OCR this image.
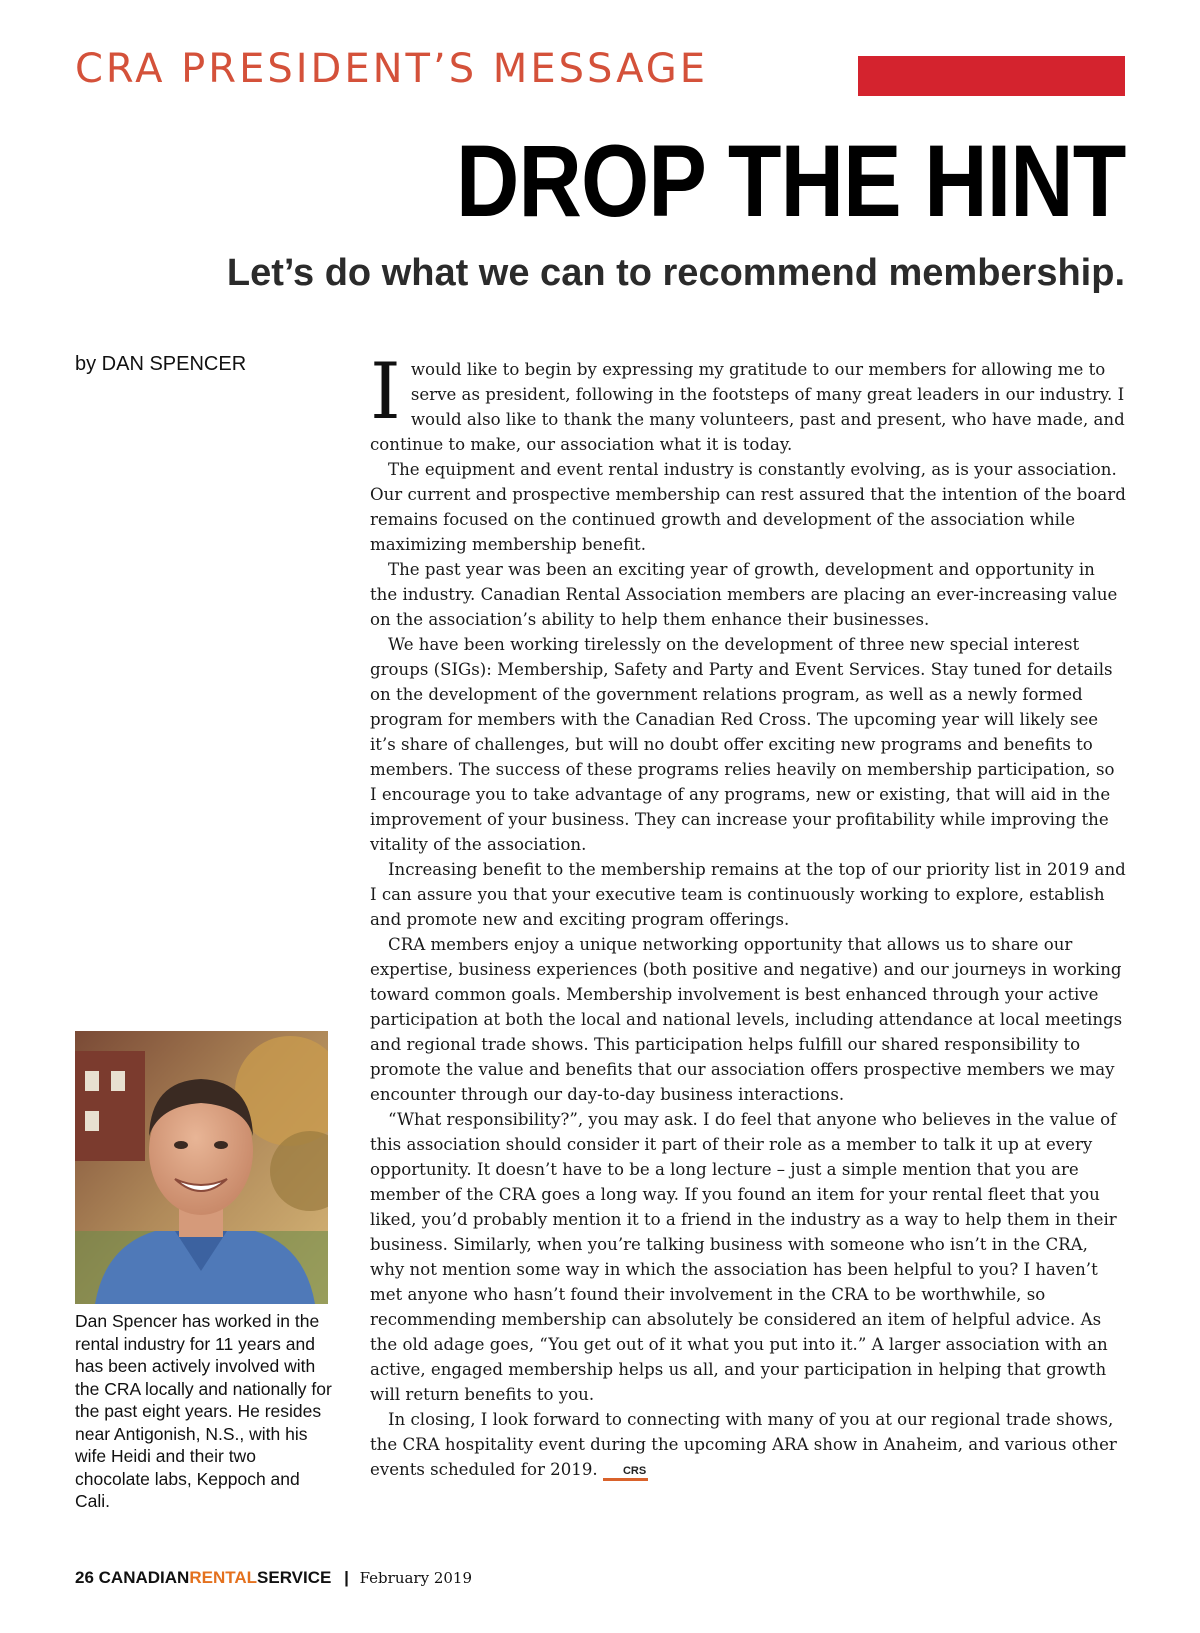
CRA PRESIDENT’S MESSAGE
DROP THE HINT
Let’s do what we can to recommend membership.
by DAN SPENCER
Dan Spencer has worked in the rental industry for 11 years and has been actively involved with the CRA locally and nationally for the past eight years. He resides near Antigonish, N.S., with his wife Heidi and their two chocolate labs, Keppoch and Cali.

Iwould like to begin by expressing my gratitude to our members for allowing me to serve as president, following in the footsteps of many great leaders in our industry. I would also like to thank the many volunteers, past and present, who have made, and continue to make, our association what it is today.

The equipment and event rental industry is constantly evolving, as is your association. Our current and prospective membership can rest assured that the intention of the board remains focused on the continued growth and development of the association while maximizing membership benefit.

The past year was been an exciting year of growth, development and opportunity in the industry. Canadian Rental Association members are placing an ever-increasing value on the association’s ability to help them enhance their businesses.

We have been working tirelessly on the development of three new special interest groups (SIGs): Membership, Safety and Party and Event Services. Stay tuned for details on the development of the government relations program, as well as a newly formed program for members with the Canadian Red Cross. The upcoming year will likely see it’s share of challenges, but will no doubt offer exciting new programs and benefits to members. The success of these programs relies heavily on membership participation, so I encourage you to take advantage of any programs, new or existing, that will aid in the improvement of your business. They can increase your profitability while improving the vitality of the association.

Increasing benefit to the membership remains at the top of our priority list in 2019 and I can assure you that your executive team is continuously working to explore, establish and promote new and exciting program offerings.

CRA members enjoy a unique networking opportunity that allows us to share our expertise, business experiences (both positive and negative) and our journeys in working toward common goals. Membership involvement is best enhanced through your active participation at both the local and national levels, including attendance at local meetings and regional trade shows. This participation helps fulfill our shared responsibility to promote the value and benefits that our association offers prospective members we may encounter through our day-to-day business interactions.

“What responsibility?”, you may ask. I do feel that anyone who believes in the value of this association should consider it part of their role as a member to talk it up at every opportunity. It doesn’t have to be a long lecture – just a simple mention that you are member of the CRA goes a long way. If you found an item for your rental fleet that you liked, you’d probably mention it to a friend in the industry as a way to help them in their business. Similarly, when you’re talking business with someone who isn’t in the CRA, why not mention some way in which the association has been helpful to you? I haven’t met anyone who hasn’t found their involvement in the CRA to be worthwhile, so recommending membership can absolutely be considered an item of helpful advice. As the old adage goes, “You get out of it what you put into it.” A larger association with an active, engaged membership helps us all, and your participation in helping that growth will return benefits to you.

In closing, I look forward to connecting with many of you at our regional trade shows, the CRA hospitality event during the upcoming ARA show in Anaheim, and various other events scheduled for 2019. CRS

26 CANADIANRENTALSERVICE | February 2019
